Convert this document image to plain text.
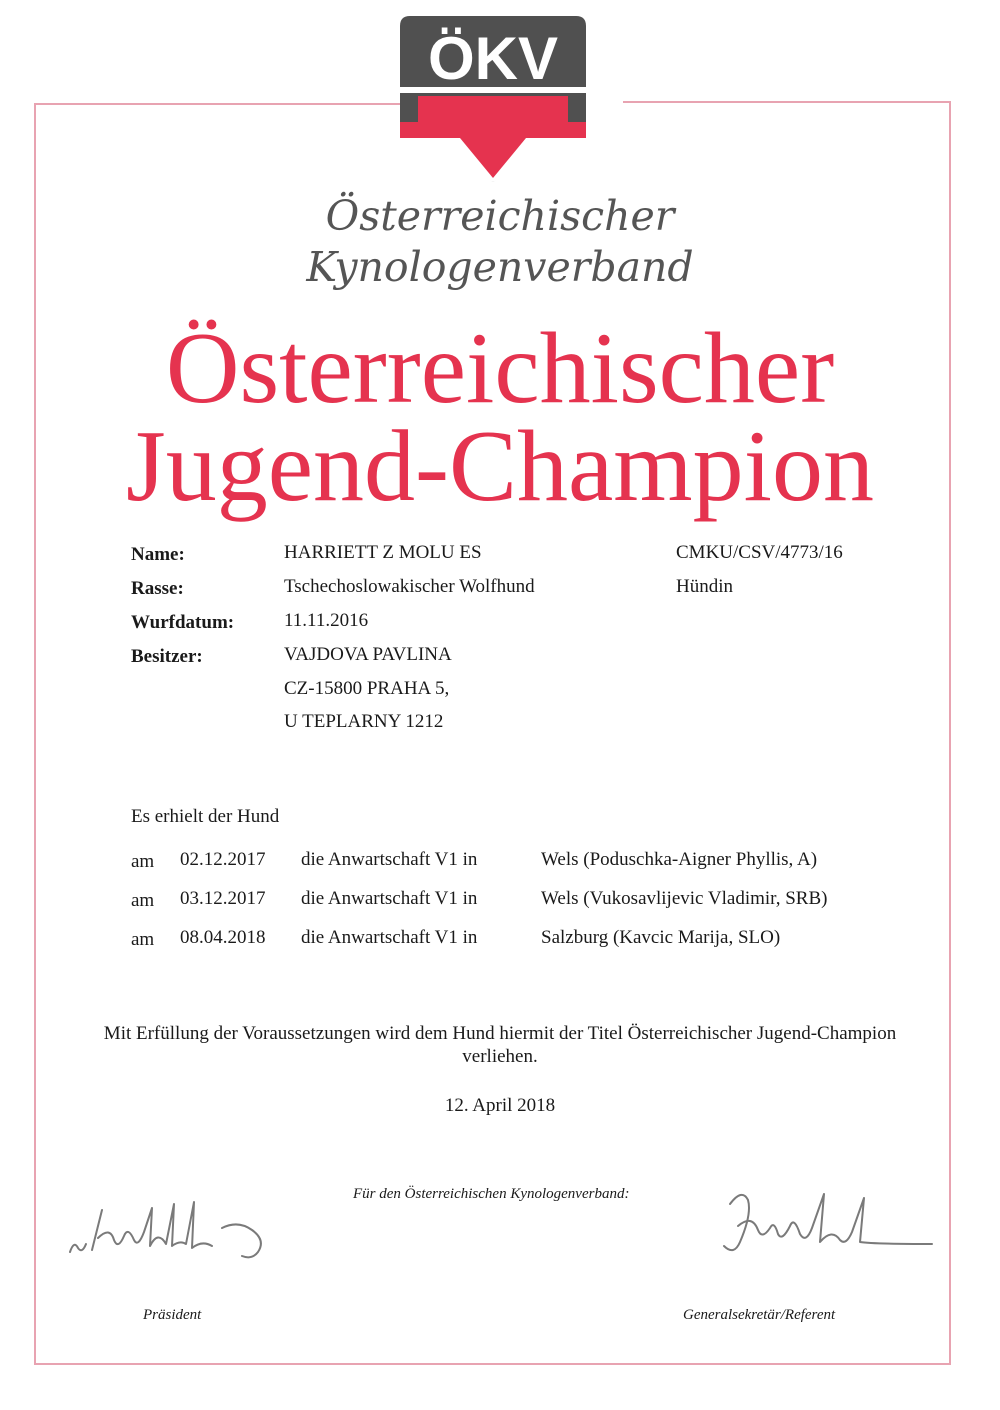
ÖKV
Österreichischer
Kynologenverband
Österreichischer
Jugend-Champion
Name:	HARRIETT Z MOLU ES	CMKU/CSV/4773/16
Rasse:	Tschechoslowakischer Wolfhund	Hündin
Wurfdatum:	11.11.2016
Besitzer:	VAJDOVA PAVLINA
CZ-15800 PRAHA 5,
U TEPLARNY 1212
Es erhielt der Hund
am 02.12.2017 die Anwartschaft V1 in	Wels (Poduschka-Aigner Phyllis, A)
am 03.12.2017 die Anwartschaft V1 in	Wels (Vukosavlijevic Vladimir, SRB)
am 08.04.2018 die Anwartschaft V1 in	Salzburg (Kavcic Marija, SLO)
Mit Erfüllung der Voraussetzungen wird dem Hund hiermit der Titel Österreichischer Jugend-Champion
verliehen.
12. April 2018
Für den Österreichischen Kynologenverband:
Präsident	Generalsekretär/Referent
